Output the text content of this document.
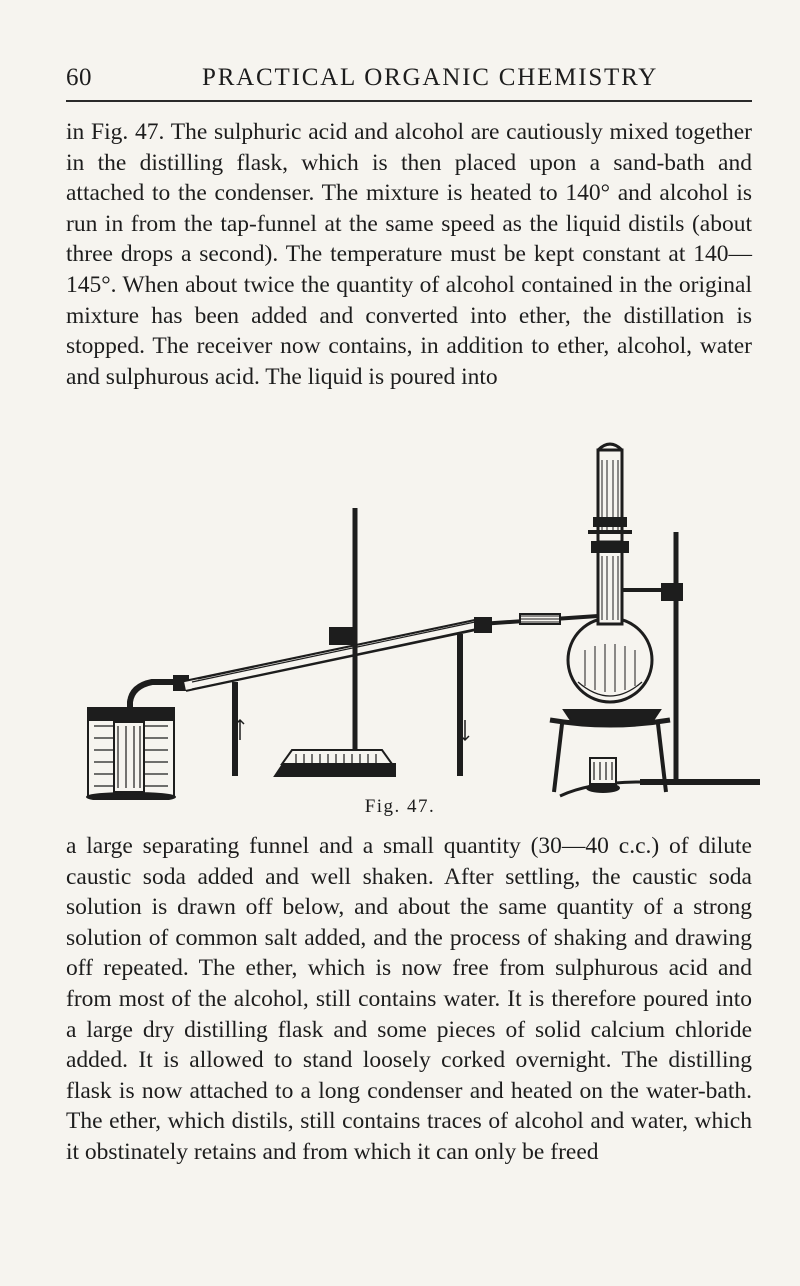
60	PRACTICAL ORGANIC CHEMISTRY

in Fig. 47. The sulphuric acid and alcohol are cautiously mixed together in the distilling flask, which is then placed upon a sand-bath and attached to the condenser. The mixture is heated to 140° and alcohol is run in from the tap-funnel at the same speed as the liquid distils (about three drops a second). The temperature must be kept constant at 140—145°. When about twice the quantity of alcohol contained in the original mixture has been added and converted into ether, the distillation is stopped. The receiver now contains, in addition to ether, alcohol, water and sulphurous acid. The liquid is poured into

Fig. 47.

a large separating funnel and a small quantity (30—40 c.c.) of dilute caustic soda added and well shaken. After settling, the caustic soda solution is drawn off below, and about the same quantity of a strong solution of common salt added, and the process of shaking and drawing off repeated. The ether, which is now free from sulphurous acid and from most of the alcohol, still contains water. It is therefore poured into a large dry distilling flask and some pieces of solid calcium chloride added. It is allowed to stand loosely corked overnight. The distilling flask is now attached to a long condenser and heated on the water-bath. The ether, which distils, still contains traces of alcohol and water, which it obstinately retains and from which it can only be freed
